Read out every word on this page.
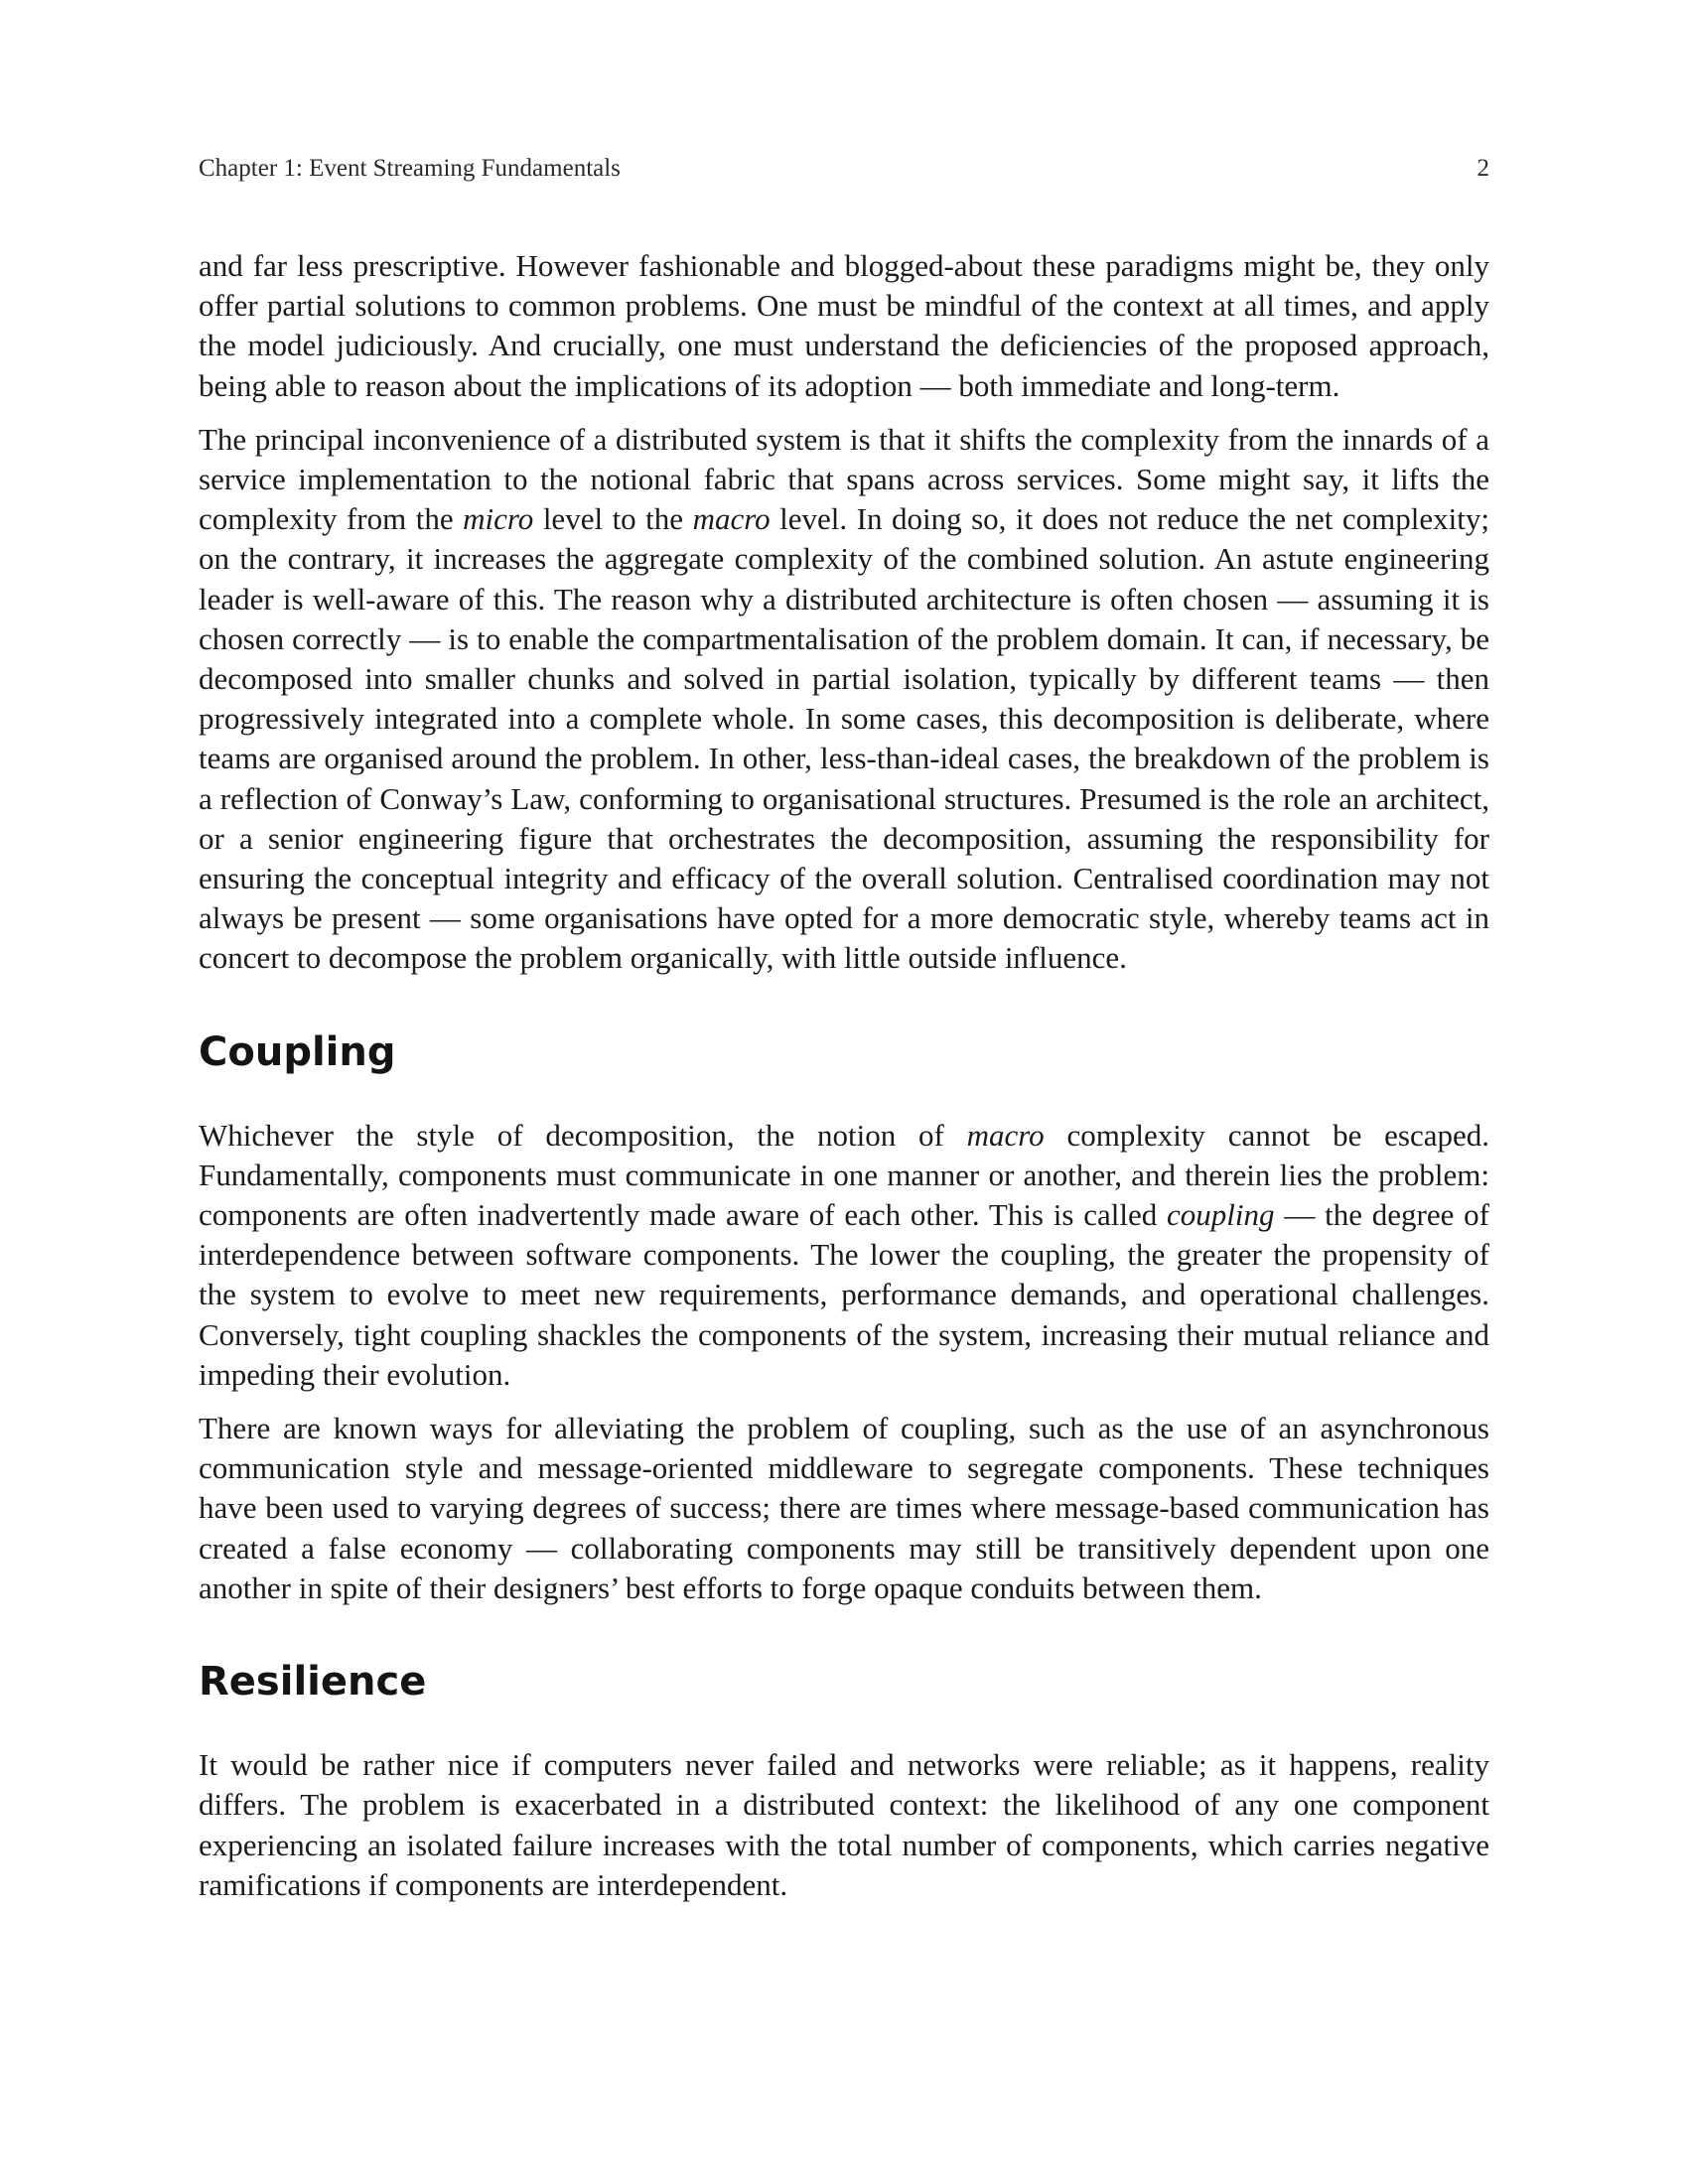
Chapter 1: Event Streaming Fundamentals	2

and far less prescriptive. However fashionable and blogged-about these paradigms might be, they only offer partial solutions to common problems. One must be mindful of the context at all times, and apply the model judiciously. And crucially, one must understand the deficiencies of the proposed approach, being able to reason about the implications of its adoption — both immediate and long-term.

The principal inconvenience of a distributed system is that it shifts the complexity from the innards of a service implementation to the notional fabric that spans across services. Some might say, it lifts the complexity from the micro level to the macro level. In doing so, it does not reduce the net complexity; on the contrary, it increases the aggregate complexity of the combined solution. An astute engineering leader is well-aware of this. The reason why a distributed architecture is often chosen — assuming it is chosen correctly — is to enable the compartmentalisation of the problem domain. It can, if necessary, be decomposed into smaller chunks and solved in partial isolation, typically by different teams — then progressively integrated into a complete whole. In some cases, this decomposition is deliberate, where teams are organised around the problem. In other, less-than-ideal cases, the breakdown of the problem is a reflection of Conway’s Law, conforming to organisational structures. Presumed is the role an architect, or a senior engineering figure that orchestrates the decomposition, assuming the responsibility for ensuring the conceptual integrity and efficacy of the overall solution. Centralised coordination may not always be present — some organisations have opted for a more democratic style, whereby teams act in concert to decompose the problem organically, with little outside influence.

Coupling

Whichever the style of decomposition, the notion of macro complexity cannot be escaped. Fundamentally, components must communicate in one manner or another, and therein lies the problem: components are often inadvertently made aware of each other. This is called coupling — the degree of interdependence between software components. The lower the coupling, the greater the propensity of the system to evolve to meet new requirements, performance demands, and operational challenges. Conversely, tight coupling shackles the components of the system, increasing their mutual reliance and impeding their evolution.

There are known ways for alleviating the problem of coupling, such as the use of an asynchronous communication style and message-oriented middleware to segregate components. These techniques have been used to varying degrees of success; there are times where message-based communication has created a false economy — collaborating components may still be transitively dependent upon one another in spite of their designers’ best efforts to forge opaque conduits between them.

Resilience

It would be rather nice if computers never failed and networks were reliable; as it happens, reality differs. The problem is exacerbated in a distributed context: the likelihood of any one component experiencing an isolated failure increases with the total number of components, which carries negative ramifications if components are interdependent.
